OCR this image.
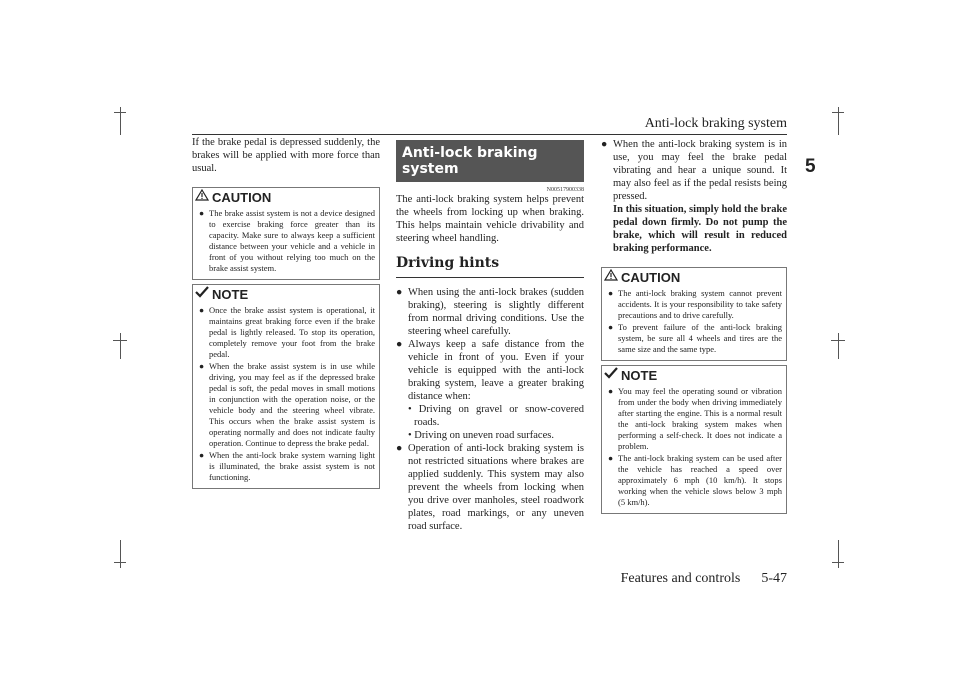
Anti-lock braking system
5

If the brake pedal is depressed suddenly, the brakes will be applied with more force than usual.

CAUTION
● The brake assist system is not a device designed to exercise braking force greater than its capacity. Make sure to always keep a sufficient distance between your vehicle and a vehicle in front of you without relying too much on the brake assist system.
NOTE
● Once the brake assist system is operational, it maintains great braking force even if the brake pedal is lightly released. To stop its operation, completely remove your foot from the brake pedal.
● When the brake assist system is in use while driving, you may feel as if the depressed brake pedal is soft, the pedal moves in small motions in conjunction with the operation noise, or the vehicle body and the steering wheel vibrate. This occurs when the brake assist system is operating normally and does not indicate faulty operation. Continue to depress the brake pedal.
● When the anti-lock brake system warning light is illuminated, the brake assist system is not functioning.
Anti-lock braking system
N00517900338

The anti-lock braking system helps prevent the wheels from locking up when braking. This helps maintain vehicle drivability and steering wheel handling.

Driving hints
● When using the anti-lock brakes (sudden braking), steering is slightly different from normal driving conditions. Use the steering wheel carefully.
● Always keep a safe distance from the vehicle in front of you. Even if your vehicle is equipped with the anti-lock braking system, leave a greater braking distance when:
• Driving on gravel or snow-covered roads.
• Driving on uneven road surfaces.
● Operation of anti-lock braking system is not restricted situations where brakes are applied suddenly. This system may also prevent the wheels from locking when you drive over manholes, steel roadwork plates, road markings, or any uneven road surface.
● When the anti-lock braking system is in use, you may feel the brake pedal vibrating and hear a unique sound. It may also feel as if the pedal resists being pressed.

In this situation, simply hold the brake pedal down firmly. Do not pump the brake, which will result in reduced braking performance.

CAUTION
● The anti-lock braking system cannot prevent accidents. It is your responsibility to take safety precautions and to drive carefully.
● To prevent failure of the anti-lock braking system, be sure all 4 wheels and tires are the same size and the same type.
NOTE
● You may feel the operating sound or vibration from under the body when driving immediately after starting the engine. This is a normal result the anti-lock braking system makes when performing a self-check. It does not indicate a problem.
● The anti-lock braking system can be used after the vehicle has reached a speed over approximately 6 mph (10 km/h). It stops working when the vehicle slows below 3 mph (5 km/h).
Features and controls 5-47
